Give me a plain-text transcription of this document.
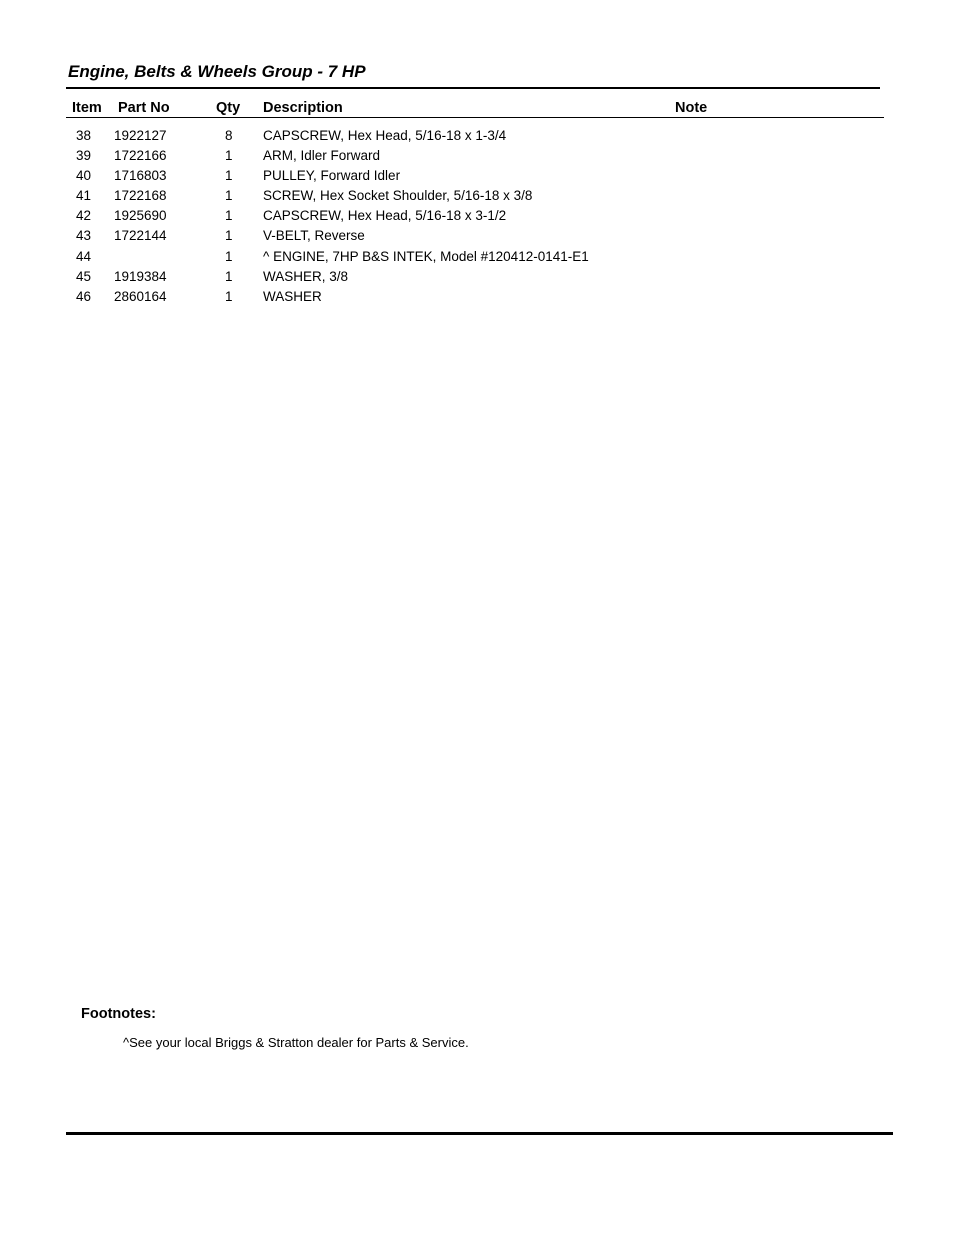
Engine, Belts & Wheels Group - 7 HP
Item Part No	Qty Description	Note
38 1922127	8 CAPSCREW, Hex Head, 5/16-18 x 1-3/4
39 1722166	1 ARM, Idler Forward
40 1716803	1 PULLEY, Forward Idler
41 1722168	1 SCREW, Hex Socket Shoulder, 5/16-18 x 3/8
42 1925690	1 CAPSCREW, Hex Head, 5/16-18 x 3-1/2
43 1722144	1 V-BELT, Reverse
44	1 ^ ENGINE, 7HP B&S INTEK, Model #120412-0141-E1
45 1919384	1 WASHER, 3/8
46 2860164	1 WASHER
Footnotes:
^See your local Briggs & Stratton dealer for Parts & Service.
